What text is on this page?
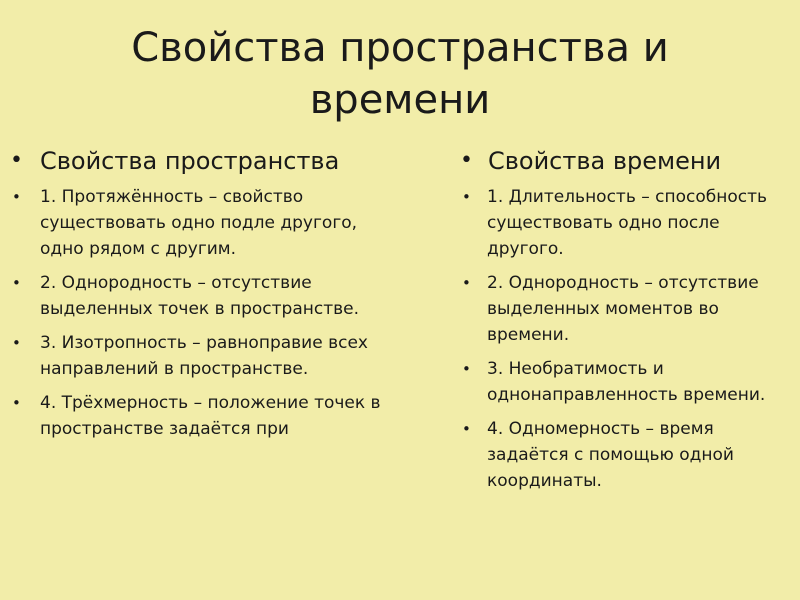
Свойства пространства и времени
• Свойства пространства
• 1. Протяжённость – свойство существовать одно подле другого, одно рядом с другим.
• 2. Однородность – отсутствие выделенных точек в пространстве.
• 3. Изотропность – равноправие всех направлений в пространстве.
• 4. Трёхмерность – положение точек в пространстве задаётся при
• Свойства времени
• 1. Длительность – способность существовать одно после другого.
• 2. Однородность – отсутствие выделенных моментов во времени.
• 3. Необратимость и однонаправленность времени.
• 4. Одномерность – время задаётся с помощью одной координаты.
